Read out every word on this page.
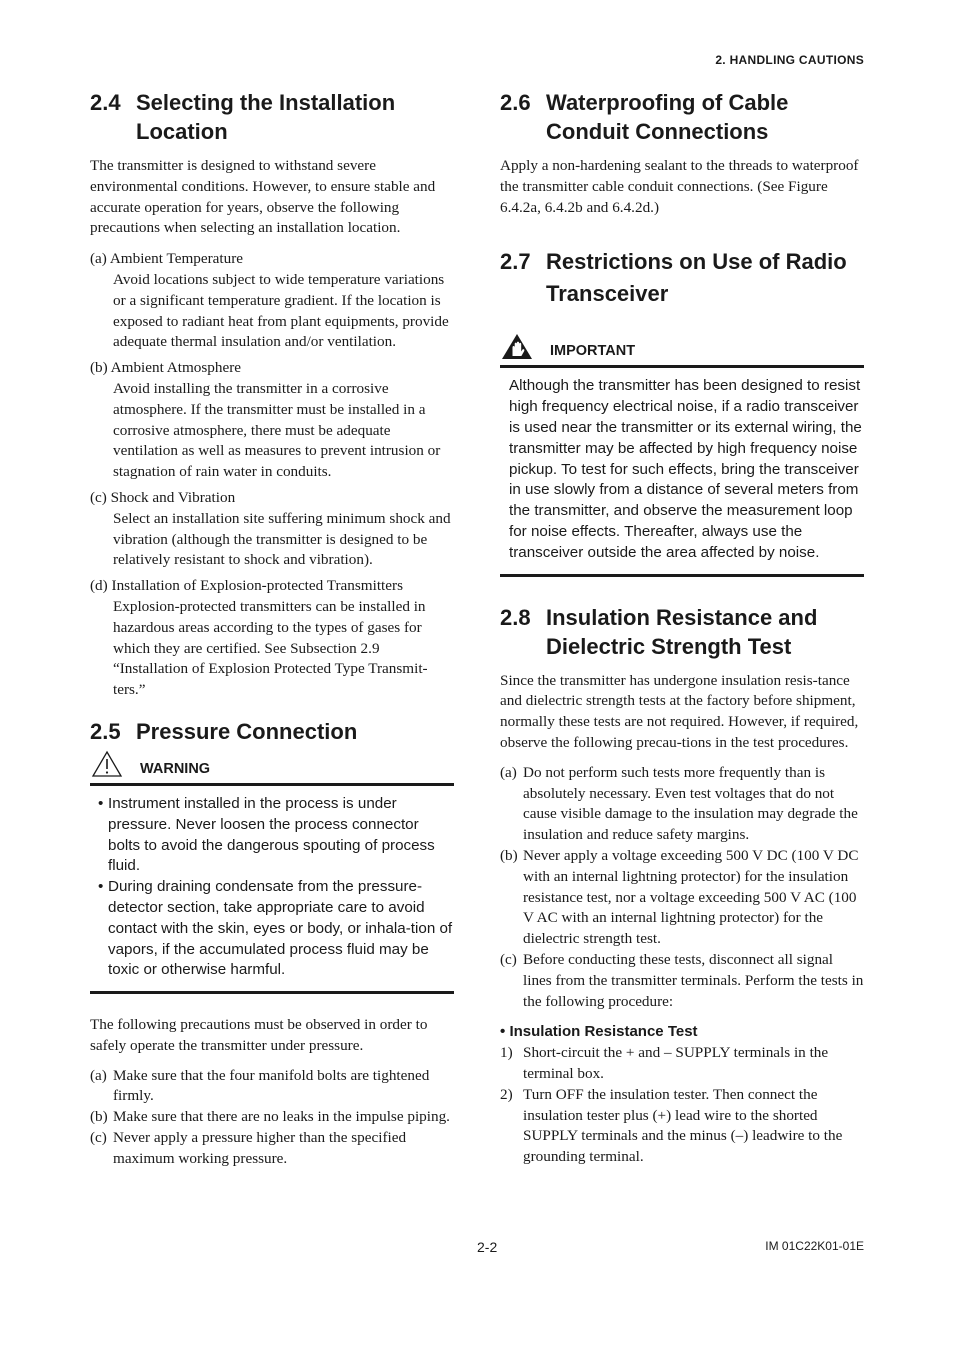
2. HANDLING CAUTIONS
2.4 Selecting the Installation Location

The transmitter is designed to withstand severe environmental conditions. However, to ensure stable and accurate operation for years, observe the following precautions when selecting an installation location.

(a) Ambient Temperature
Avoid locations subject to wide temperature variations or a significant temperature gradient. If the location is exposed to radiant heat from plant equipments, provide adequate thermal insulation and/or ventilation.
(b) Ambient Atmosphere
Avoid installing the transmitter in a corrosive atmosphere. If the transmitter must be installed in a corrosive atmosphere, there must be adequate ventilation as well as measures to prevent intrusion or stagnation of rain water in conduits.
(c) Shock and Vibration
Select an installation site suffering minimum shock and vibration (although the transmitter is designed to be relatively resistant to shock and vibration).
(d) Installation of Explosion-protected Transmitters
Explosion-protected transmitters can be installed in hazardous areas according to the types of gases for which they are certified. See Subsection 2.9 “Installation of Explosion Protected Type Transmit-ters.”
2.5 Pressure Connection
WARNING
• Instrument installed in the process is under pressure. Never loosen the process connector bolts to avoid the dangerous spouting of process fluid.
• During draining condensate from the pressure-detector section, take appropriate care to avoid contact with the skin, eyes or body, or inhala-tion of vapors, if the accumulated process fluid may be toxic or otherwise harmful.

The following precautions must be observed in order to safely operate the transmitter under pressure.

(a) Make sure that the four manifold bolts are tightened firmly.
(b) Make sure that there are no leaks in the impulse piping.
(c) Never apply a pressure higher than the specified maximum working pressure.
2.6 Waterproofing of Cable Conduit Connections

Apply a non-hardening sealant to the threads to waterproof the transmitter cable conduit connections. (See Figure 6.4.2a, 6.4.2b and 6.4.2d.)

2.7 Restrictions on Use of Radio Transceiver
IMPORTANT

Although the transmitter has been designed to resist high frequency electrical noise, if a radio transceiver is used near the transmitter or its external wiring, the transmitter may be affected by high frequency noise pickup. To test for such effects, bring the transceiver in use slowly from a distance of several meters from the transmitter, and observe the measurement loop for noise effects. Thereafter, always use the transceiver outside the area affected by noise.

2.8 Insulation Resistance and Dielectric Strength Test

Since the transmitter has undergone insulation resis-tance and dielectric strength tests at the factory before shipment, normally these tests are not required. However, if required, observe the following precau-tions in the test procedures.

(a) Do not perform such tests more frequently than is absolutely necessary. Even test voltages that do not cause visible damage to the insulation may degrade the insulation and reduce safety margins.
(b) Never apply a voltage exceeding 500 V DC (100 V DC with an internal lightning protector) for the insulation resistance test, nor a voltage exceeding 500 V AC (100 V AC with an internal lightning protector) for the dielectric strength test.
(c) Before conducting these tests, disconnect all signal lines from the transmitter terminals. Perform the tests in the following procedure:
• Insulation Resistance Test
1) Short-circuit the + and – SUPPLY terminals in the terminal box.
2) Turn OFF the insulation tester. Then connect the insulation tester plus (+) lead wire to the shorted SUPPLY terminals and the minus (–) leadwire to the grounding terminal.
2-2	IM 01C22K01-01E
